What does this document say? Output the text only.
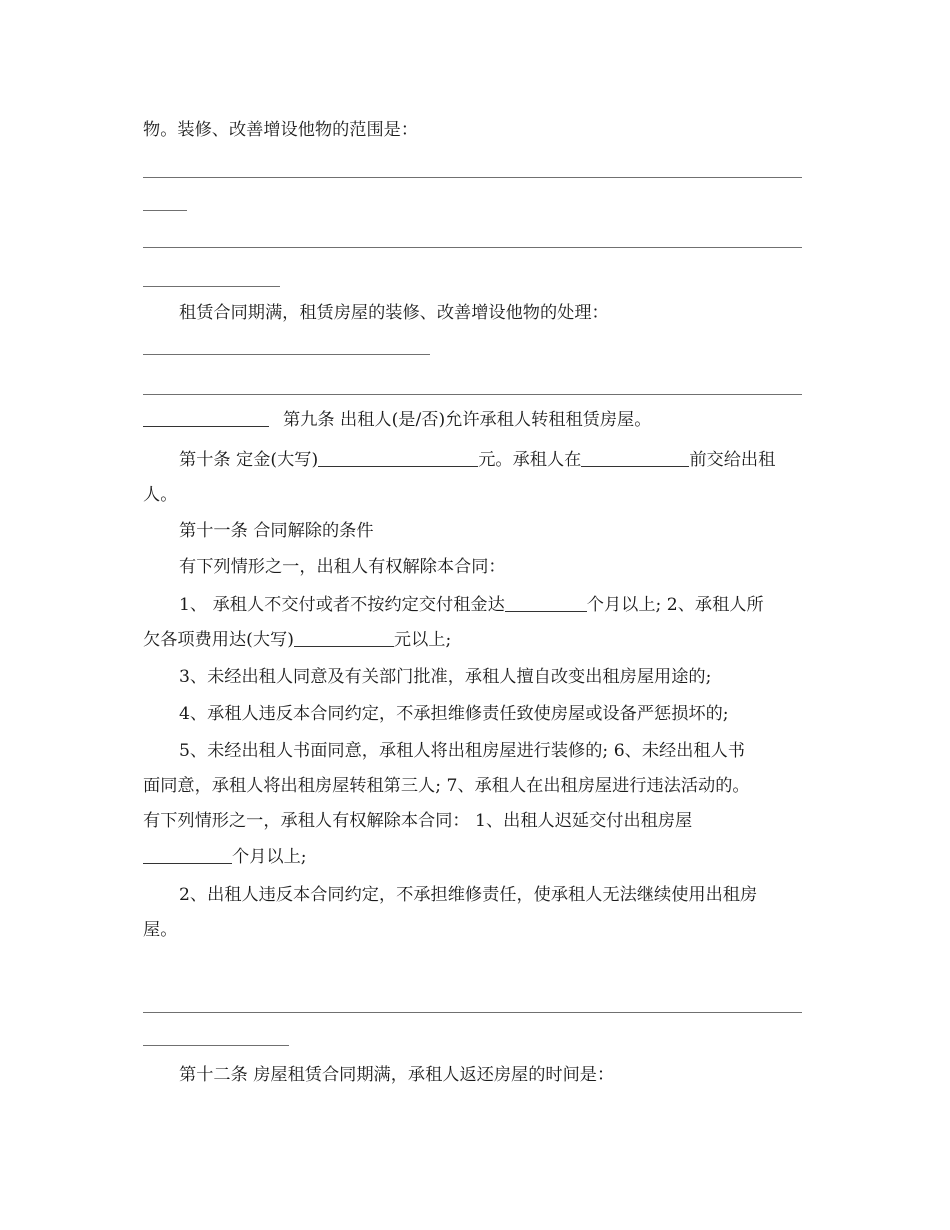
物。装修、改善增设他物的范围是：
租赁合同期满，租赁房屋的装修、改善增设他物的处理：
第九条 出租人(是/否)允许承租人转租租赁房屋。
第十条 定金(大写)	元。承租人在	前交给出租
人。
第十一条 合同解除的条件
有下列情形之一，出租人有权解除本合同：
1、 承租人不交付或者不按约定交付租金达	个月以上; 2、承租人所
欠各项费用达(大写)	元以上;
3、未经出租人同意及有关部门批准，承租人擅自改变出租房屋用途的;
4、承租人违反本合同约定，不承担维修责任致使房屋或设备严惩损坏的;
5、未经出租人书面同意，承租人将出租房屋进行装修的; 6、未经出租人书
面同意，承租人将出租房屋转租第三人; 7、承租人在出租房屋进行违法活动的。
有下列情形之一，承租人有权解除本合同： 1、出租人迟延交付出租房屋
个月以上;
2、出租人违反本合同约定，不承担维修责任，使承租人无法继续使用出租房
屋。
第十二条 房屋租赁合同期满，承租人返还房屋的时间是：
